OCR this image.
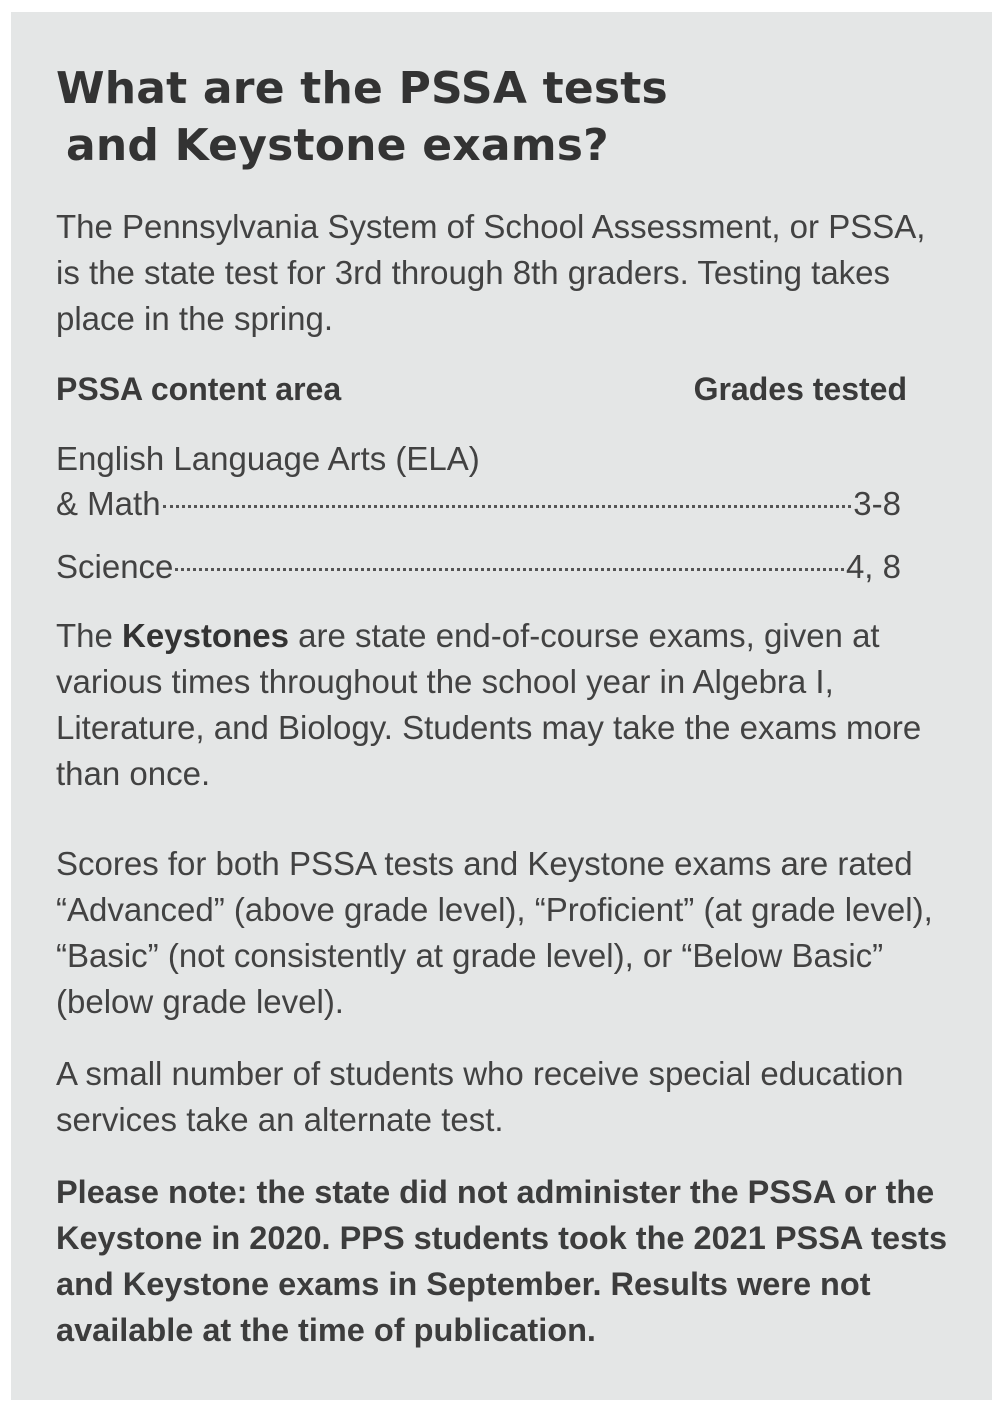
What are the PSSA tests
and Keystone exams?

The Pennsylvania System of School Assessment, or PSSA, is the state test for 3rd through 8th graders. Testing takes place in the spring.

PSSA content area	Grades tested
English Language Arts (ELA)
& Math	3-8
Science	4, 8

The Keystones are state end-of-course exams, given at various times throughout the school year in Algebra I, Literature, and Biology. Students may take the exams more than once.

Scores for both PSSA tests and Keystone exams are rated “Advanced” (above grade level), “Proficient” (at grade level), “Basic” (not consistently at grade level), or “Below Basic” (below grade level).

A small number of students who receive special education services take an alternate test.

Please note: the state did not administer the PSSA or the Keystone in 2020. PPS students took the 2021 PSSA tests and Keystone exams in September. Results were not available at the time of publication.
